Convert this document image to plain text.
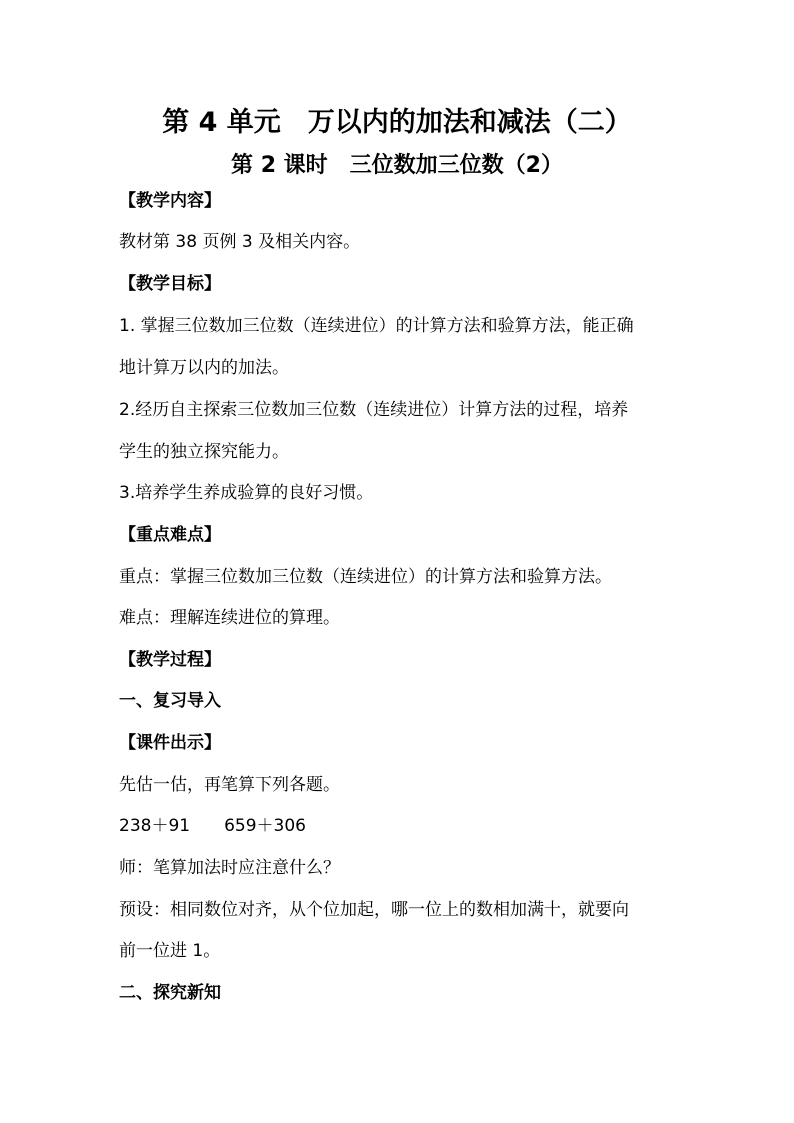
第 4 单元　万以内的加法和减法（二）
第 2 课时　三位数加三位数（2）
【教学内容】
教材第 38 页例 3 及相关内容。
【教学目标】
1. 掌握三位数加三位数（连续进位）的计算方法和验算方法，能正确
地计算万以内的加法。
2.经历自主探索三位数加三位数（连续进位）计算方法的过程，培养
学生的独立探究能力。
3.培养学生养成验算的良好习惯。
【重点难点】
重点：掌握三位数加三位数（连续进位）的计算方法和验算方法。
难点：理解连续进位的算理。
【教学过程】
一、复习导入
【课件出示】
先估一估，再笔算下列各题。
238＋91　　659＋306
师：笔算加法时应注意什么？
预设：相同数位对齐，从个位加起，哪一位上的数相加满十，就要向
前一位进 1。
二、探究新知
